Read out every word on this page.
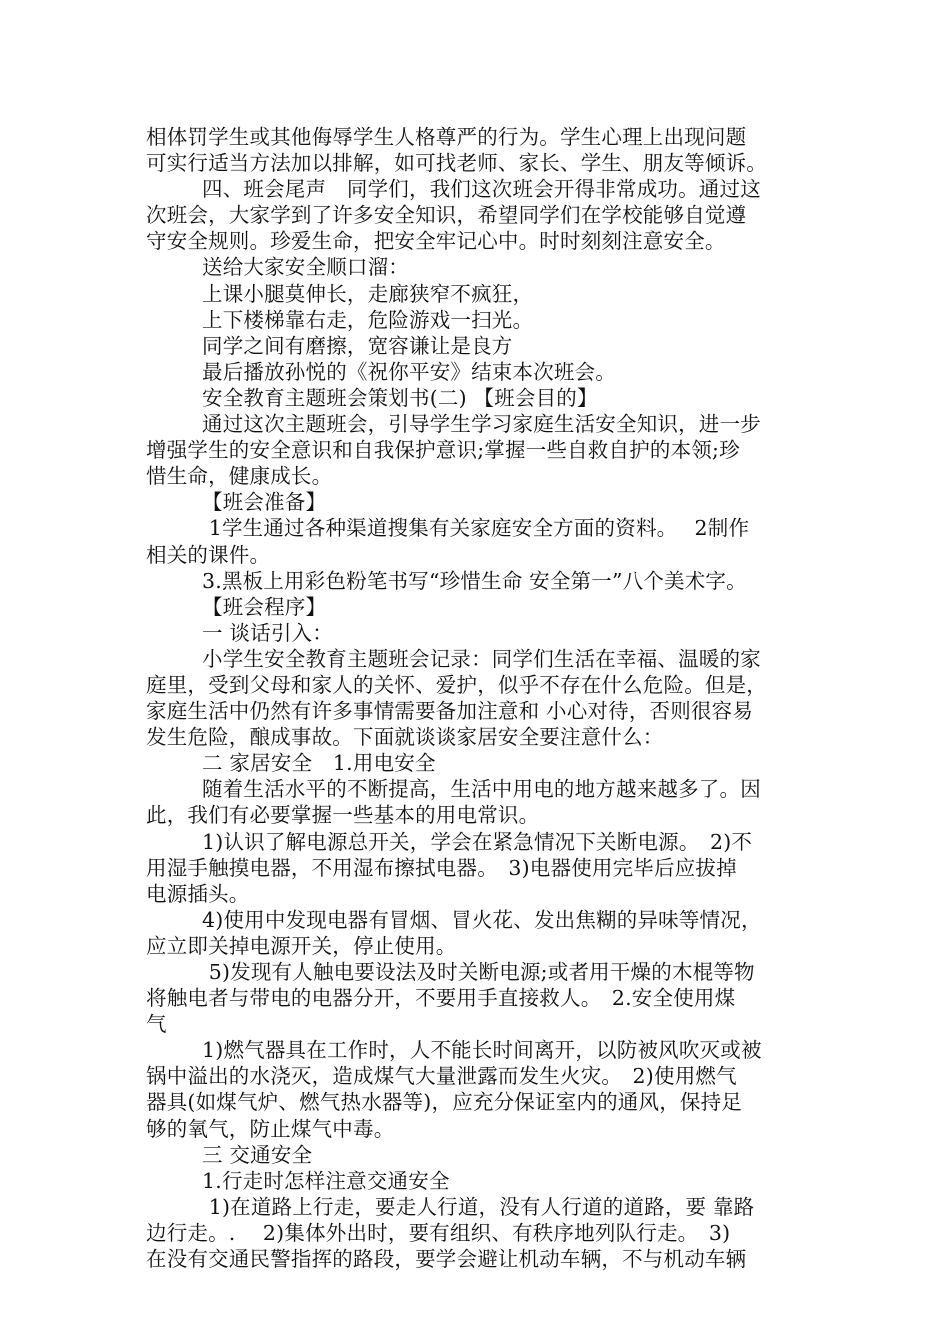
相体罚学生或其他侮辱学生人格尊严的行为。学生心理上出现问题
可实行适当方法加以排解，如可找老师、家长、学生、朋友等倾诉。
四、班会尾声　同学们，我们这次班会开得非常成功。通过这
次班会，大家学到了许多安全知识，希望同学们在学校能够自觉遵
守安全规则。珍爱生命，把安全牢记心中。时时刻刻注意安全。
送给大家安全顺口溜：
上课小腿莫伸长，走廊狭窄不疯狂，
上下楼梯靠右走，危险游戏一扫光。
同学之间有磨擦，宽容谦让是良方
最后播放孙悦的《祝你平安》结束本次班会。
安全教育主题班会策划书(二) 【班会目的】
通过这次主题班会，引导学生学习家庭生活安全知识，进一步
增强学生的安全意识和自我保护意识;掌握一些自救自护的本领;珍
惜生命，健康成长。
【班会准备】
1学生通过各种渠道搜集有关家庭安全方面的资料。　 2制作
相关的课件。
3.黑板上用彩色粉笔书写“珍惜生命 安全第一”八个美术字。
【班会程序】
一 谈话引入：
小学生安全教育主题班会记录：同学们生活在幸福、温暖的家
庭里，受到父母和家人的关怀、爱护，似乎不存在什么危险。但是，
家庭生活中仍然有许多事情需要备加注意和 小心对待，否则很容易
发生危险，酿成事故。下面就谈谈家居安全要注意什么：
二 家居安全　1.用电安全
随着生活水平的不断提高，生活中用电的地方越来越多了。因
此，我们有必要掌握一些基本的用电常识。
1)认识了解电源总开关，学会在紧急情况下关断电源。　2)不
用湿手触摸电器，不用湿布擦拭电器。　3)电器使用完毕后应拔掉
电源插头。
4)使用中发现电器有冒烟、冒火花、发出焦糊的异味等情况，
应立即关掉电源开关，停止使用。
5)发现有人触电要设法及时关断电源;或者用干燥的木棍等物
将触电者与带电的电器分开，不要用手直接救人。　2.安全使用煤
气
1)燃气器具在工作时，人不能长时间离开，以防被风吹灭或被
锅中溢出的水浇灭，造成煤气大量泄露而发生火灾。　2)使用燃气
器具(如煤气炉、燃气热水器等)，应充分保证室内的通风，保持足
够的氧气，防止煤气中毒。
三 交通安全
1.行走时怎样注意交通安全
1)在道路上行走，要走人行道，没有人行道的道路，要 靠路
边行走。.　 2)集体外出时，要有组织、有秩序地列队行走。　3)
在没有交通民警指挥的路段，要学会避让机动车辆，不与机动车辆
